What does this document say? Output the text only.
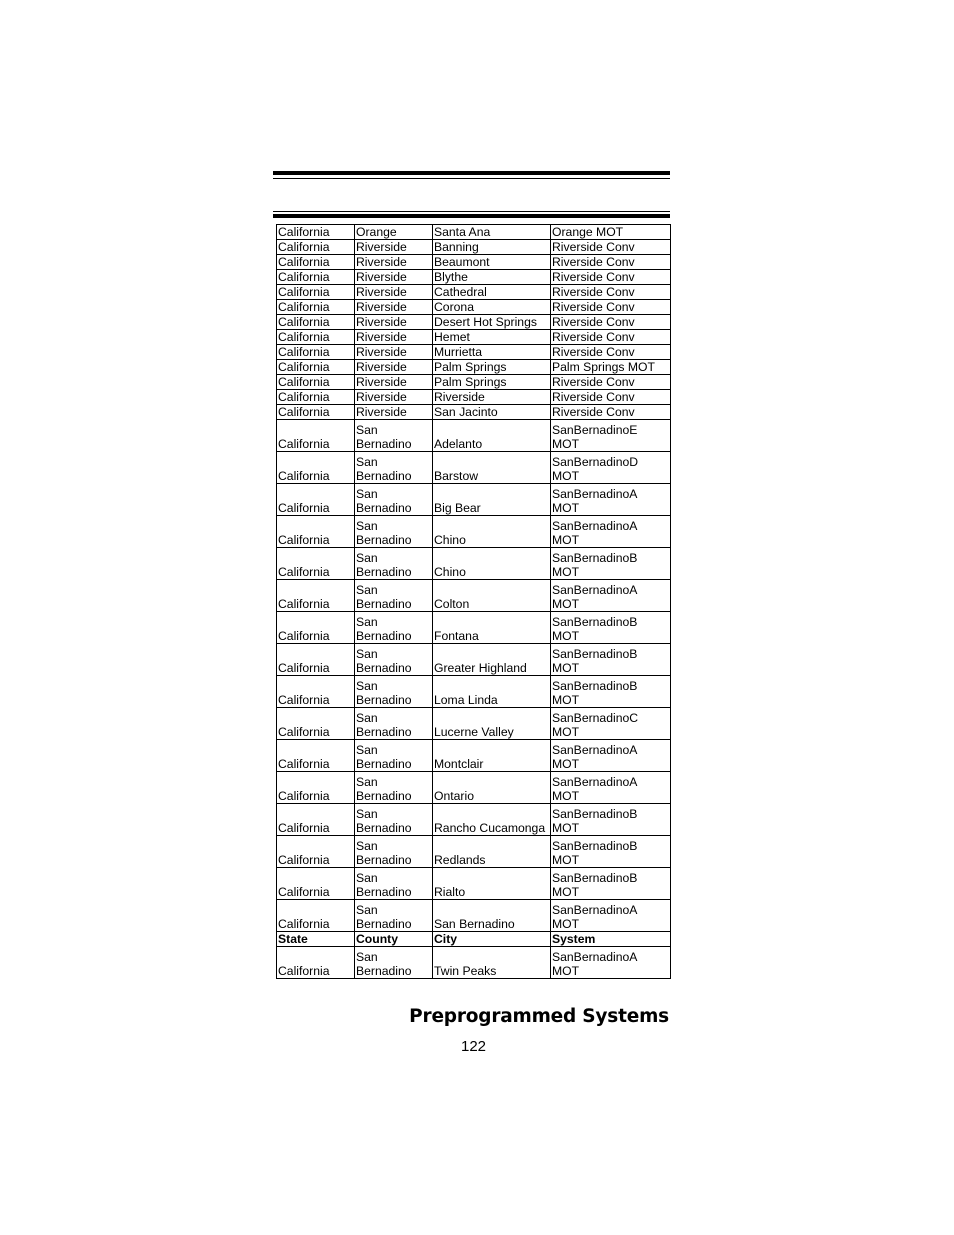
California	Orange	Santa Ana	Orange MOT

California	Riverside	Banning	Riverside Conv

California	Riverside	Beaumont	Riverside Conv

California	Riverside	Blythe	Riverside Conv

California	Riverside	Cathedral	Riverside Conv

California	Riverside	Corona	Riverside Conv

California	Riverside	Desert Hot Springs	Riverside Conv

California	Riverside	Hemet	Riverside Conv

California	Riverside	Murrietta	Riverside Conv

California	Riverside	Palm Springs	Palm Springs MOT

California	Riverside	Palm Springs	Riverside Conv

California	Riverside	Riverside	Riverside Conv

California	Riverside	San Jacinto	Riverside Conv

California	San
Bernadino	Adelanto	SanBernadinoE
MOT

California	San
Bernadino	Barstow	SanBernadinoD
MOT

California	San
Bernadino	Big Bear	SanBernadinoA
MOT

California	San
Bernadino	Chino	SanBernadinoA
MOT

California	San
Bernadino	Chino	SanBernadinoB
MOT

California	San
Bernadino	Colton	SanBernadinoA
MOT

California	San
Bernadino	Fontana	SanBernadinoB
MOT

California	San
Bernadino	Greater Highland	SanBernadinoB
MOT

California	San
Bernadino	Loma Linda	SanBernadinoB
MOT

California	San
Bernadino	Lucerne Valley	SanBernadinoC
MOT

California	San
Bernadino	Montclair	SanBernadinoA
MOT

California	San
Bernadino	Ontario	SanBernadinoA
MOT

California	San
Bernadino	Rancho Cucamonga	SanBernadinoB
MOT

California	San
Bernadino	Redlands	SanBernadinoB
MOT

California	San
Bernadino	Rialto	SanBernadinoB
MOT

California	San
Bernadino	San Bernadino	SanBernadinoA
MOT

State	County	City	System

California	San
Bernadino	Twin Peaks	SanBernadinoA
MOT
Preprogrammed Systems
122
